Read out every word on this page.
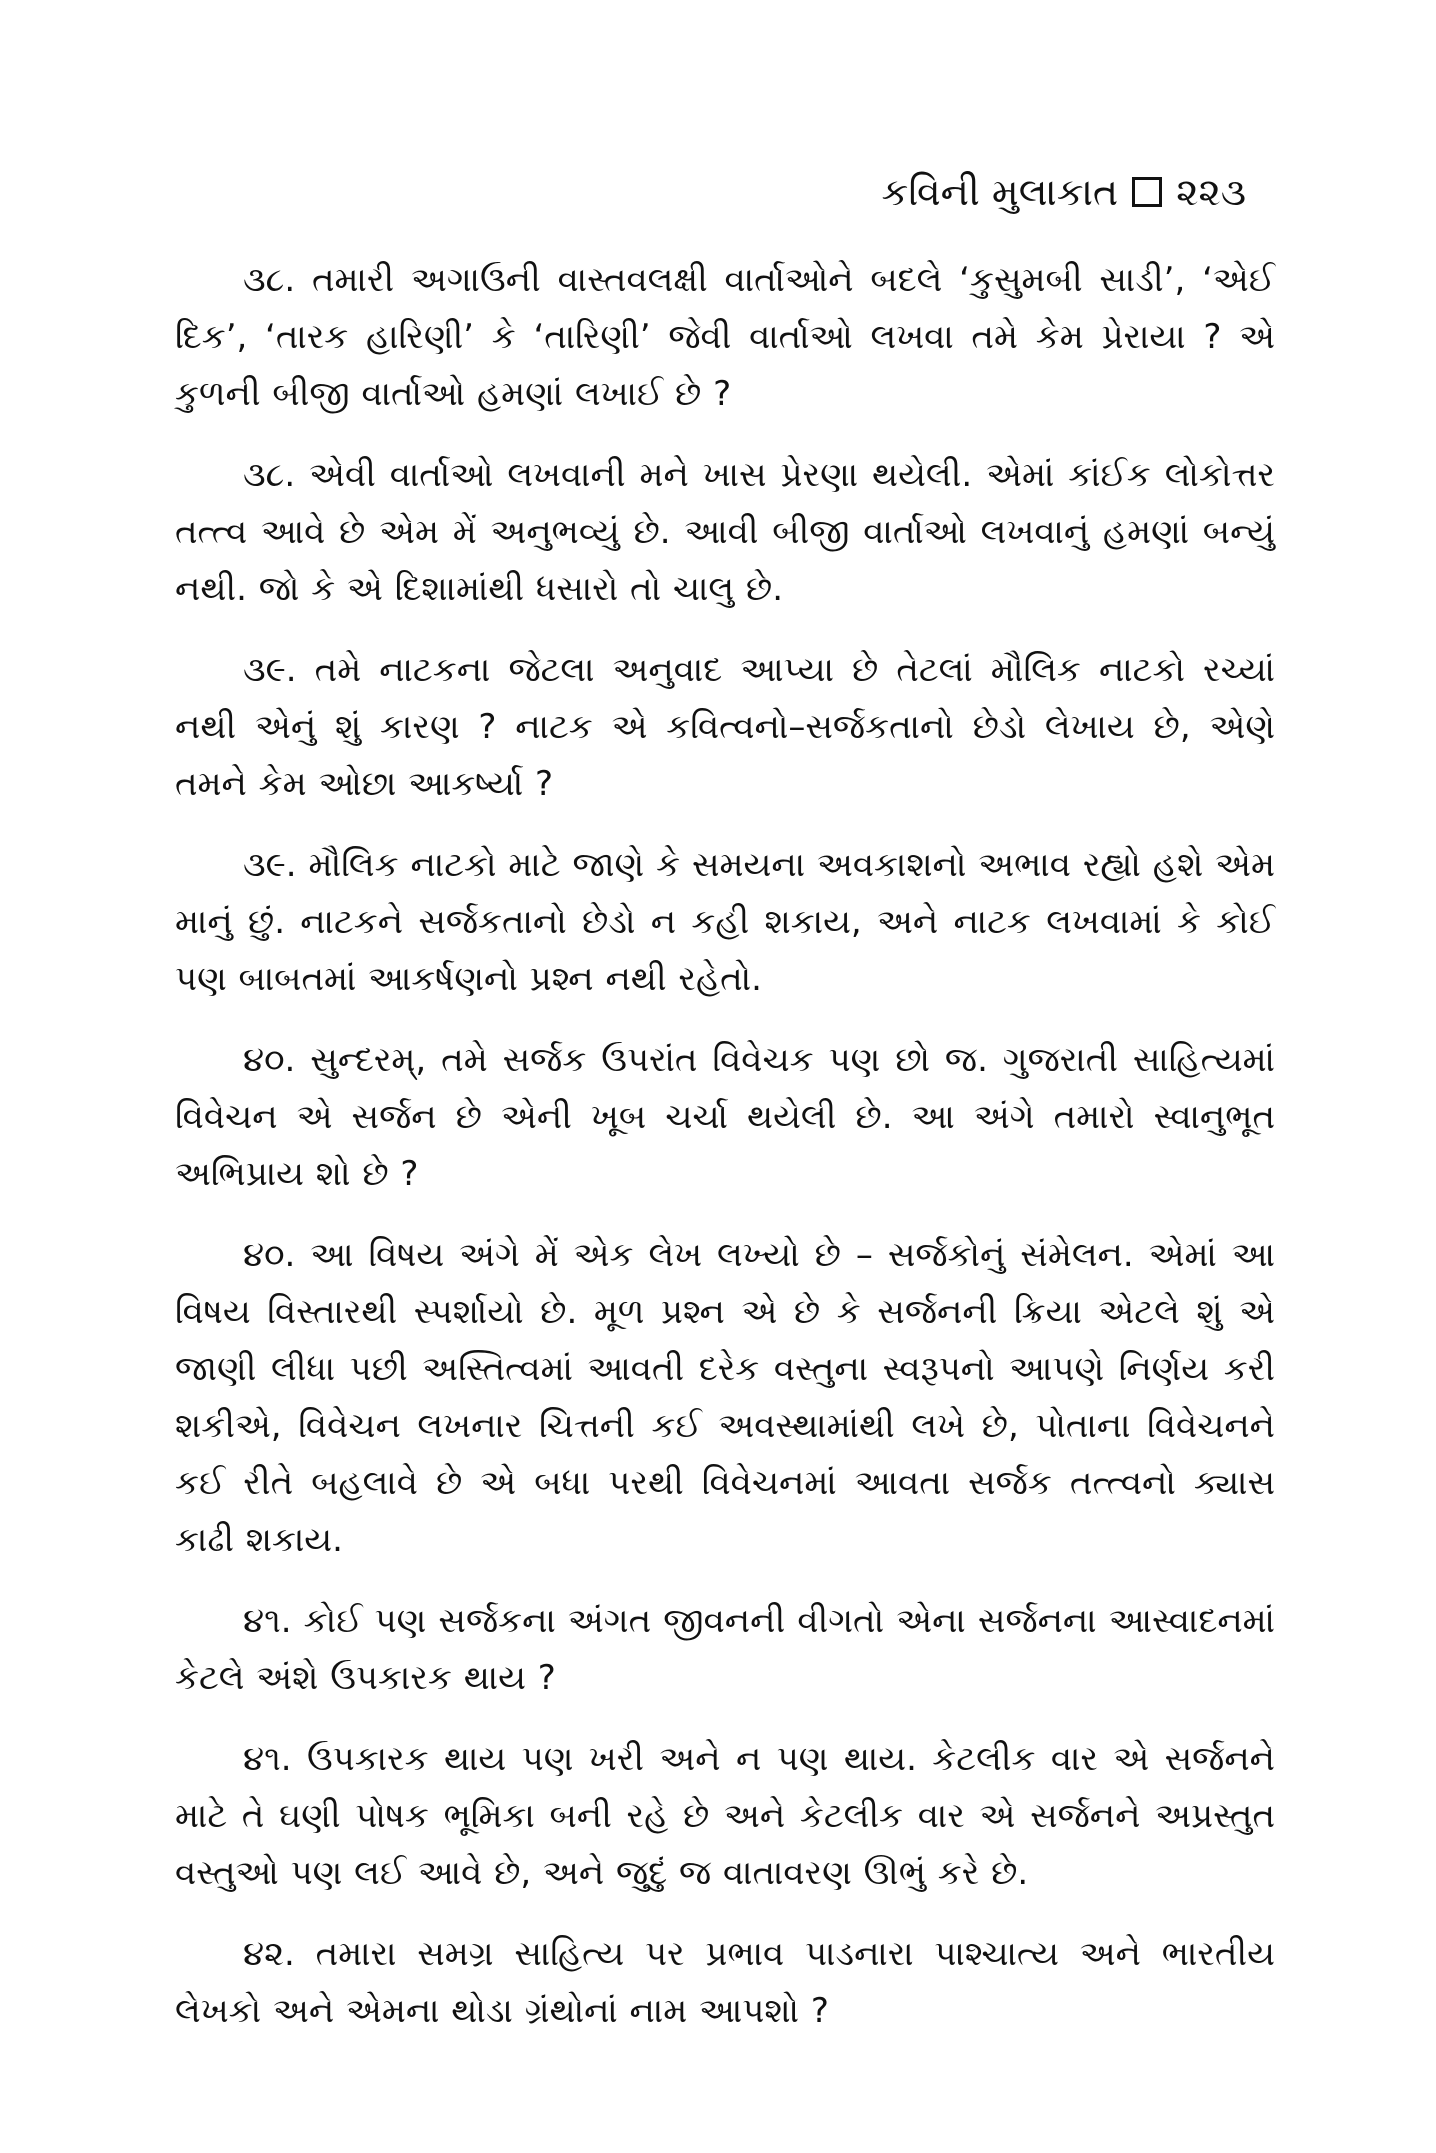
કવિની મુલાકાત ૨૨૩

૩૮. તમારી અગાઉની વાસ્તવલક્ષી વાર્તાઓને બદલે ‘કુસુમબી સાડી’, ‘એઈ દિક’, ‘તારક હારિણી’ કે ‘તારિણી’ જેવી વાર્તાઓ લખવા તમે કેમ પ્રેરાયા ? એ કુળની બીજી વાર્તાઓ હમણાં લખાઈ છે ?

૩૮. એવી વાર્તાઓ લખવાની મને ખાસ પ્રેરણા થયેલી. એમાં કાંઈક લોકોત્તર તત્ત્વ આવે છે એમ મેં અનુભવ્યું છે. આવી બીજી વાર્તાઓ લખવાનું હમણાં બન્યું નથી. જો કે એ દિશામાંથી ધસારો તો ચાલુ છે.

૩૯. તમે નાટકના જેટલા અનુવાદ આપ્યા છે તેટલાં મૌલિક નાટકો રચ્યાં નથી એનું શું કારણ ? નાટક એ કવિત્વનો–સર્જકતાનો છેડો લેખાય છે, એણે તમને કેમ ઓછા આકર્ષ્યા ?

૩૯. મૌલિક નાટકો માટે જાણે કે સમયના અવકાશનો અભાવ રહ્યો હશે એમ માનું છું. નાટકને સર્જકતાનો છેડો ન કહી શકાય, અને નાટક લખવામાં કે કોઈ પણ બાબતમાં આકર્ષણનો પ્રશ્ન નથી રહેતો.

૪૦. સુન્દરમ્, તમે સર્જક ઉપરાંત વિવેચક પણ છો જ. ગુજરાતી સાહિત્યમાં વિવેચન એ સર્જન છે એની ખૂબ ચર્ચા થયેલી છે. આ અંગે તમારો સ્વાનુભૂત અભિપ્રાય શો છે ?

૪૦. આ વિષય અંગે મેં એક લેખ લખ્યો છે – સર્જકોનું સંમેલન. એમાં આ વિષય વિસ્તારથી સ્પર્શાયો છે. મૂળ પ્રશ્ન એ છે કે સર્જનની ક્રિયા એટલે શું એ જાણી લીધા પછી અસ્તિત્વમાં આવતી દરેક વસ્તુના સ્વરૂપનો આપણે નિર્ણય કરી શકીએ, વિવેચન લખનાર ચિત્તની કઈ અવસ્થામાંથી લખે છે, પોતાના વિવેચનને કઈ રીતે બહલાવે છે એ બધા પરથી વિવેચનમાં આવતા સર્જક તત્ત્વનો ક્યાસ કાઢી શકાય.

૪૧. કોઈ પણ સર્જકના અંગત જીવનની વીગતો એના સર્જનના આસ્વાદનમાં કેટલે અંશે ઉપકારક થાય ?

૪૧. ઉપકારક થાય પણ ખરી અને ન પણ થાય. કેટલીક વાર એ સર્જનને માટે તે ઘણી પોષક ભૂમિકા બની રહે છે અને કેટલીક વાર એ સર્જનને અપ્રસ્તુત વસ્તુઓ પણ લઈ આવે છે, અને જુદું જ વાતાવરણ ઊભું કરે છે.

૪૨. તમારા સમગ્ર સાહિત્ય પર પ્રભાવ પાડનારા પાશ્ચાત્ય અને ભારતીય લેખકો અને એમના થોડા ગ્રંથોનાં નામ આપશો ?
